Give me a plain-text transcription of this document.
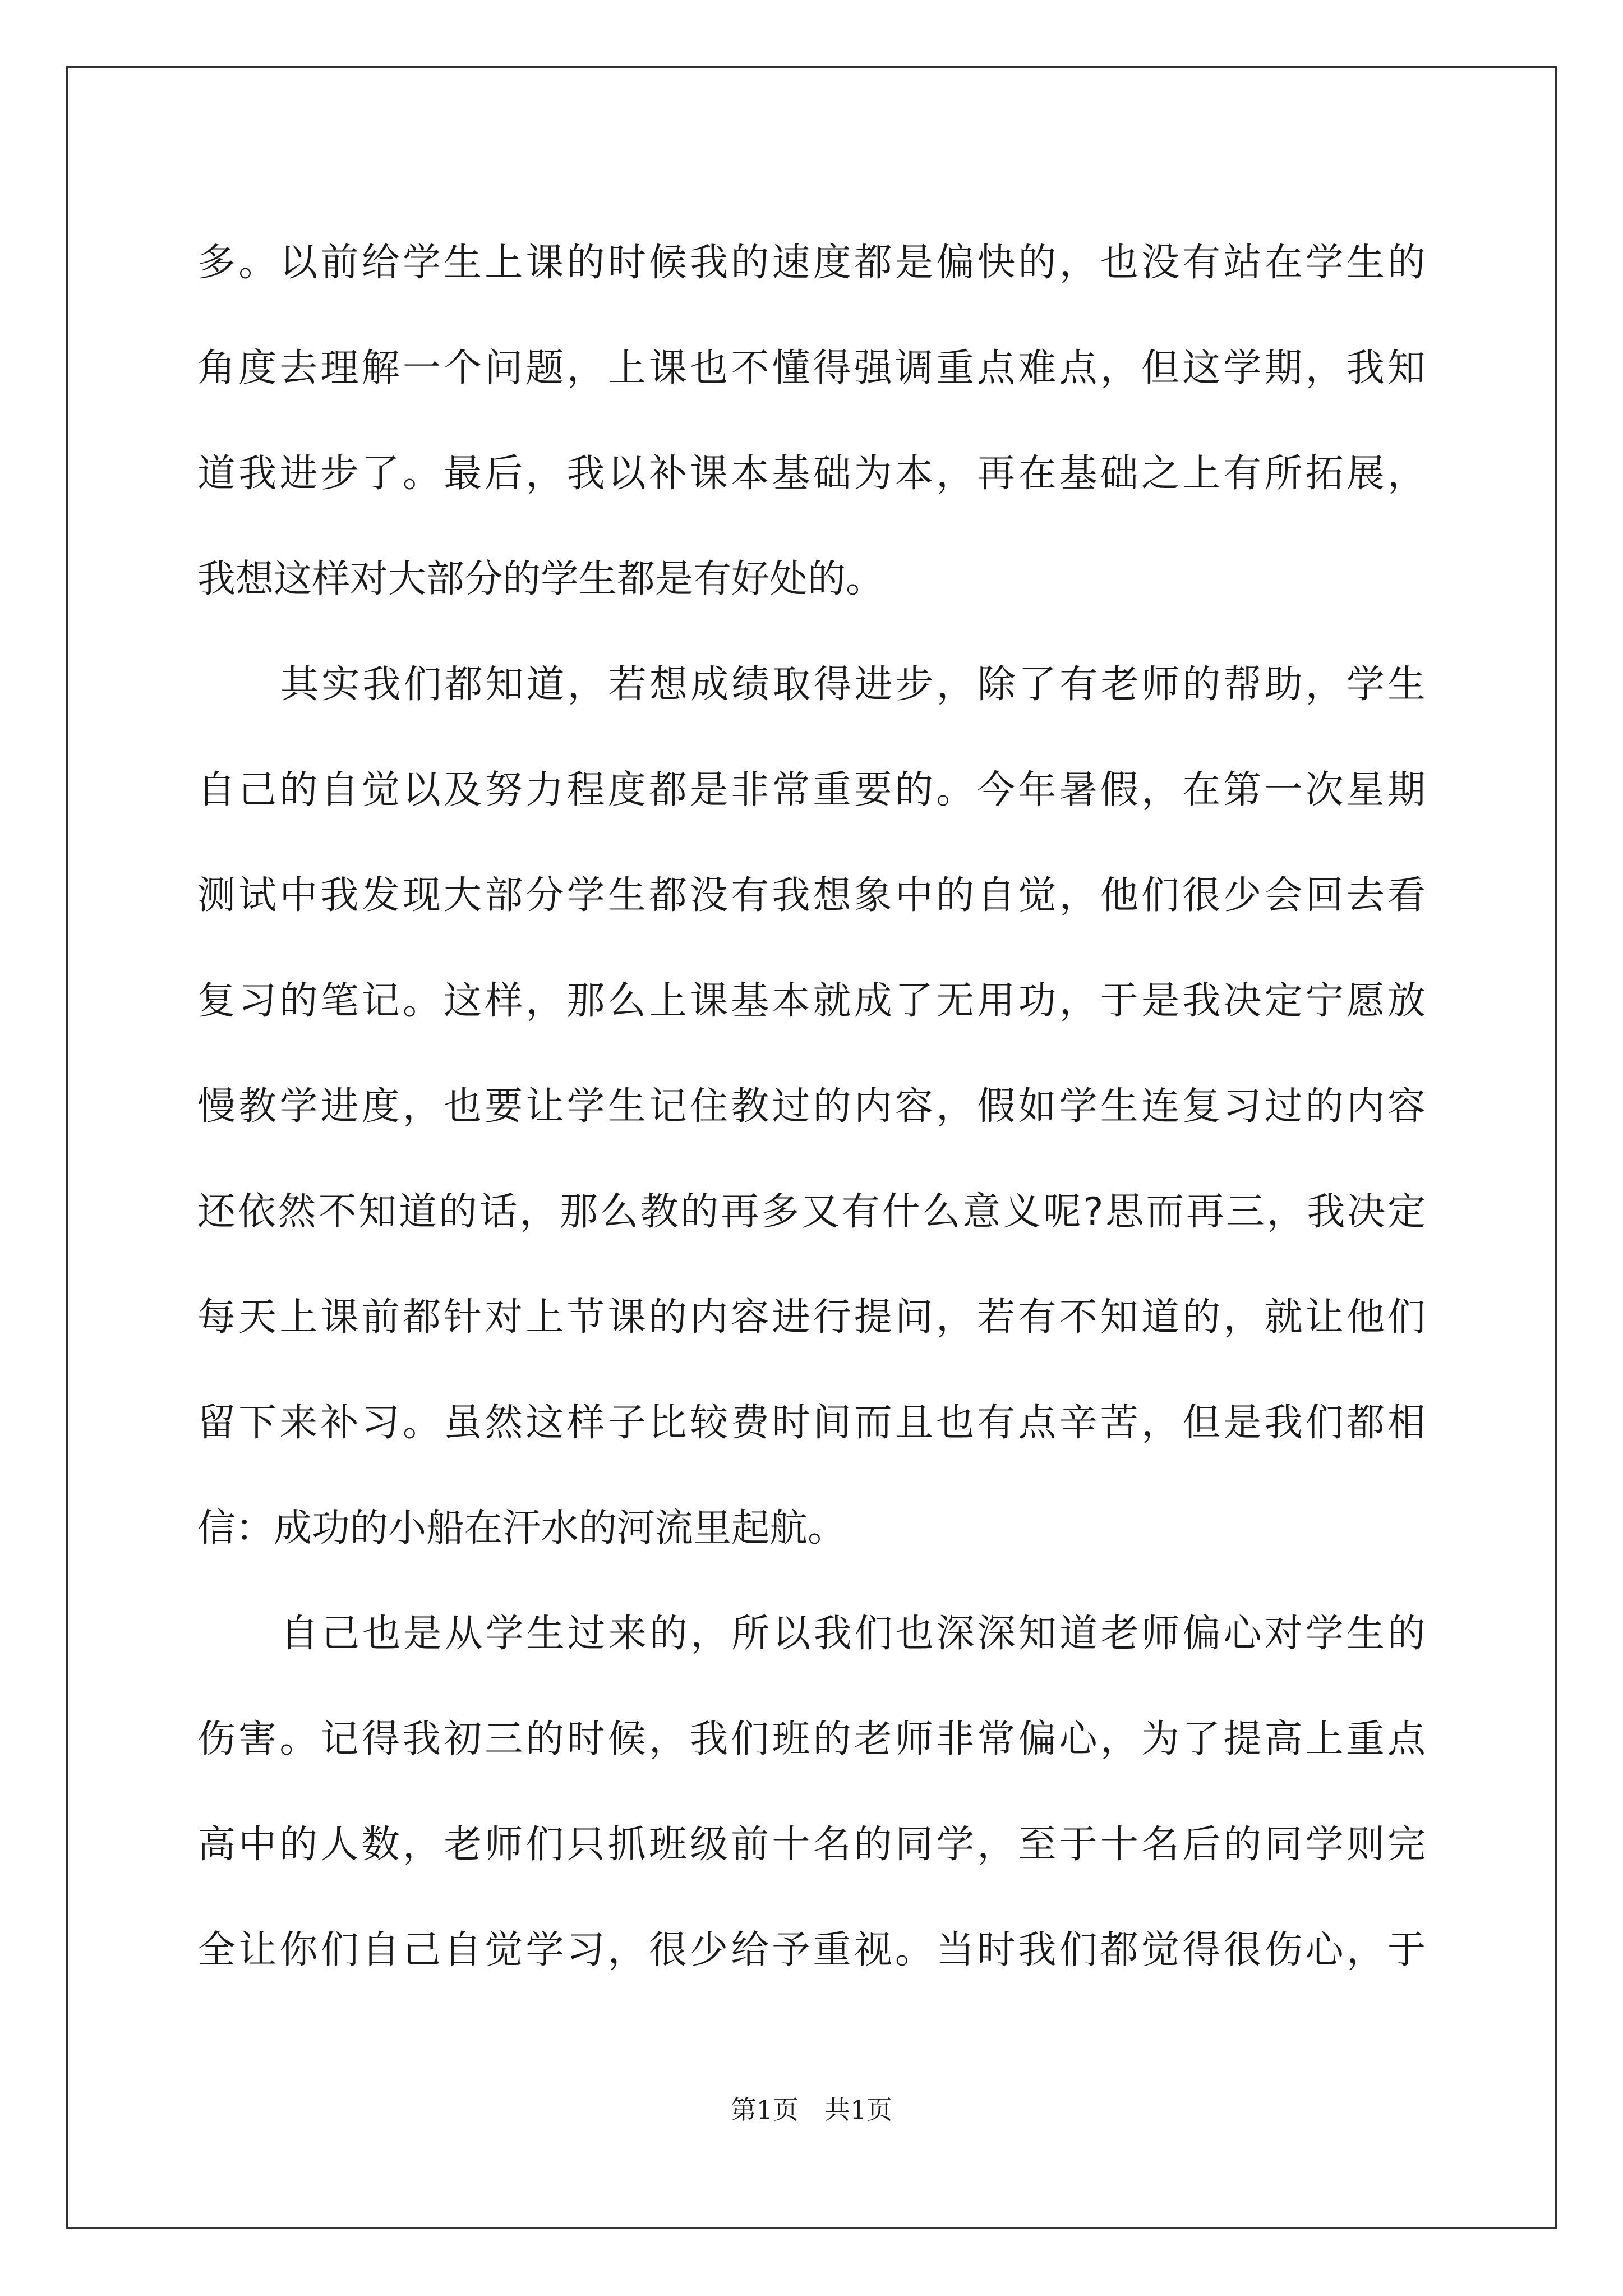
多。以前给学生上课的时候我的速度都是偏快的，也没有站在学生的
角度去理解一个问题，上课也不懂得强调重点难点，但这学期，我知
道我进步了。最后，我以补课本基础为本，再在基础之上有所拓展，
我想这样对大部分的学生都是有好处的。
其实我们都知道，若想成绩取得进步，除了有老师的帮助，学生
自己的自觉以及努力程度都是非常重要的。今年暑假，在第一次星期
测试中我发现大部分学生都没有我想象中的自觉，他们很少会回去看
复习的笔记。这样，那么上课基本就成了无用功，于是我决定宁愿放
慢教学进度，也要让学生记住教过的内容，假如学生连复习过的内容
还依然不知道的话，那么教的再多又有什么意义呢?思而再三，我决定
每天上课前都针对上节课的内容进行提问，若有不知道的，就让他们
留下来补习。虽然这样子比较费时间而且也有点辛苦，但是我们都相
信：成功的小船在汗水的河流里起航。
自己也是从学生过来的，所以我们也深深知道老师偏心对学生的
伤害。记得我初三的时候，我们班的老师非常偏心，为了提高上重点
高中的人数，老师们只抓班级前十名的同学，至于十名后的同学则完
全让你们自己自觉学习，很少给予重视。当时我们都觉得很伤心，于
第1页　共1页
